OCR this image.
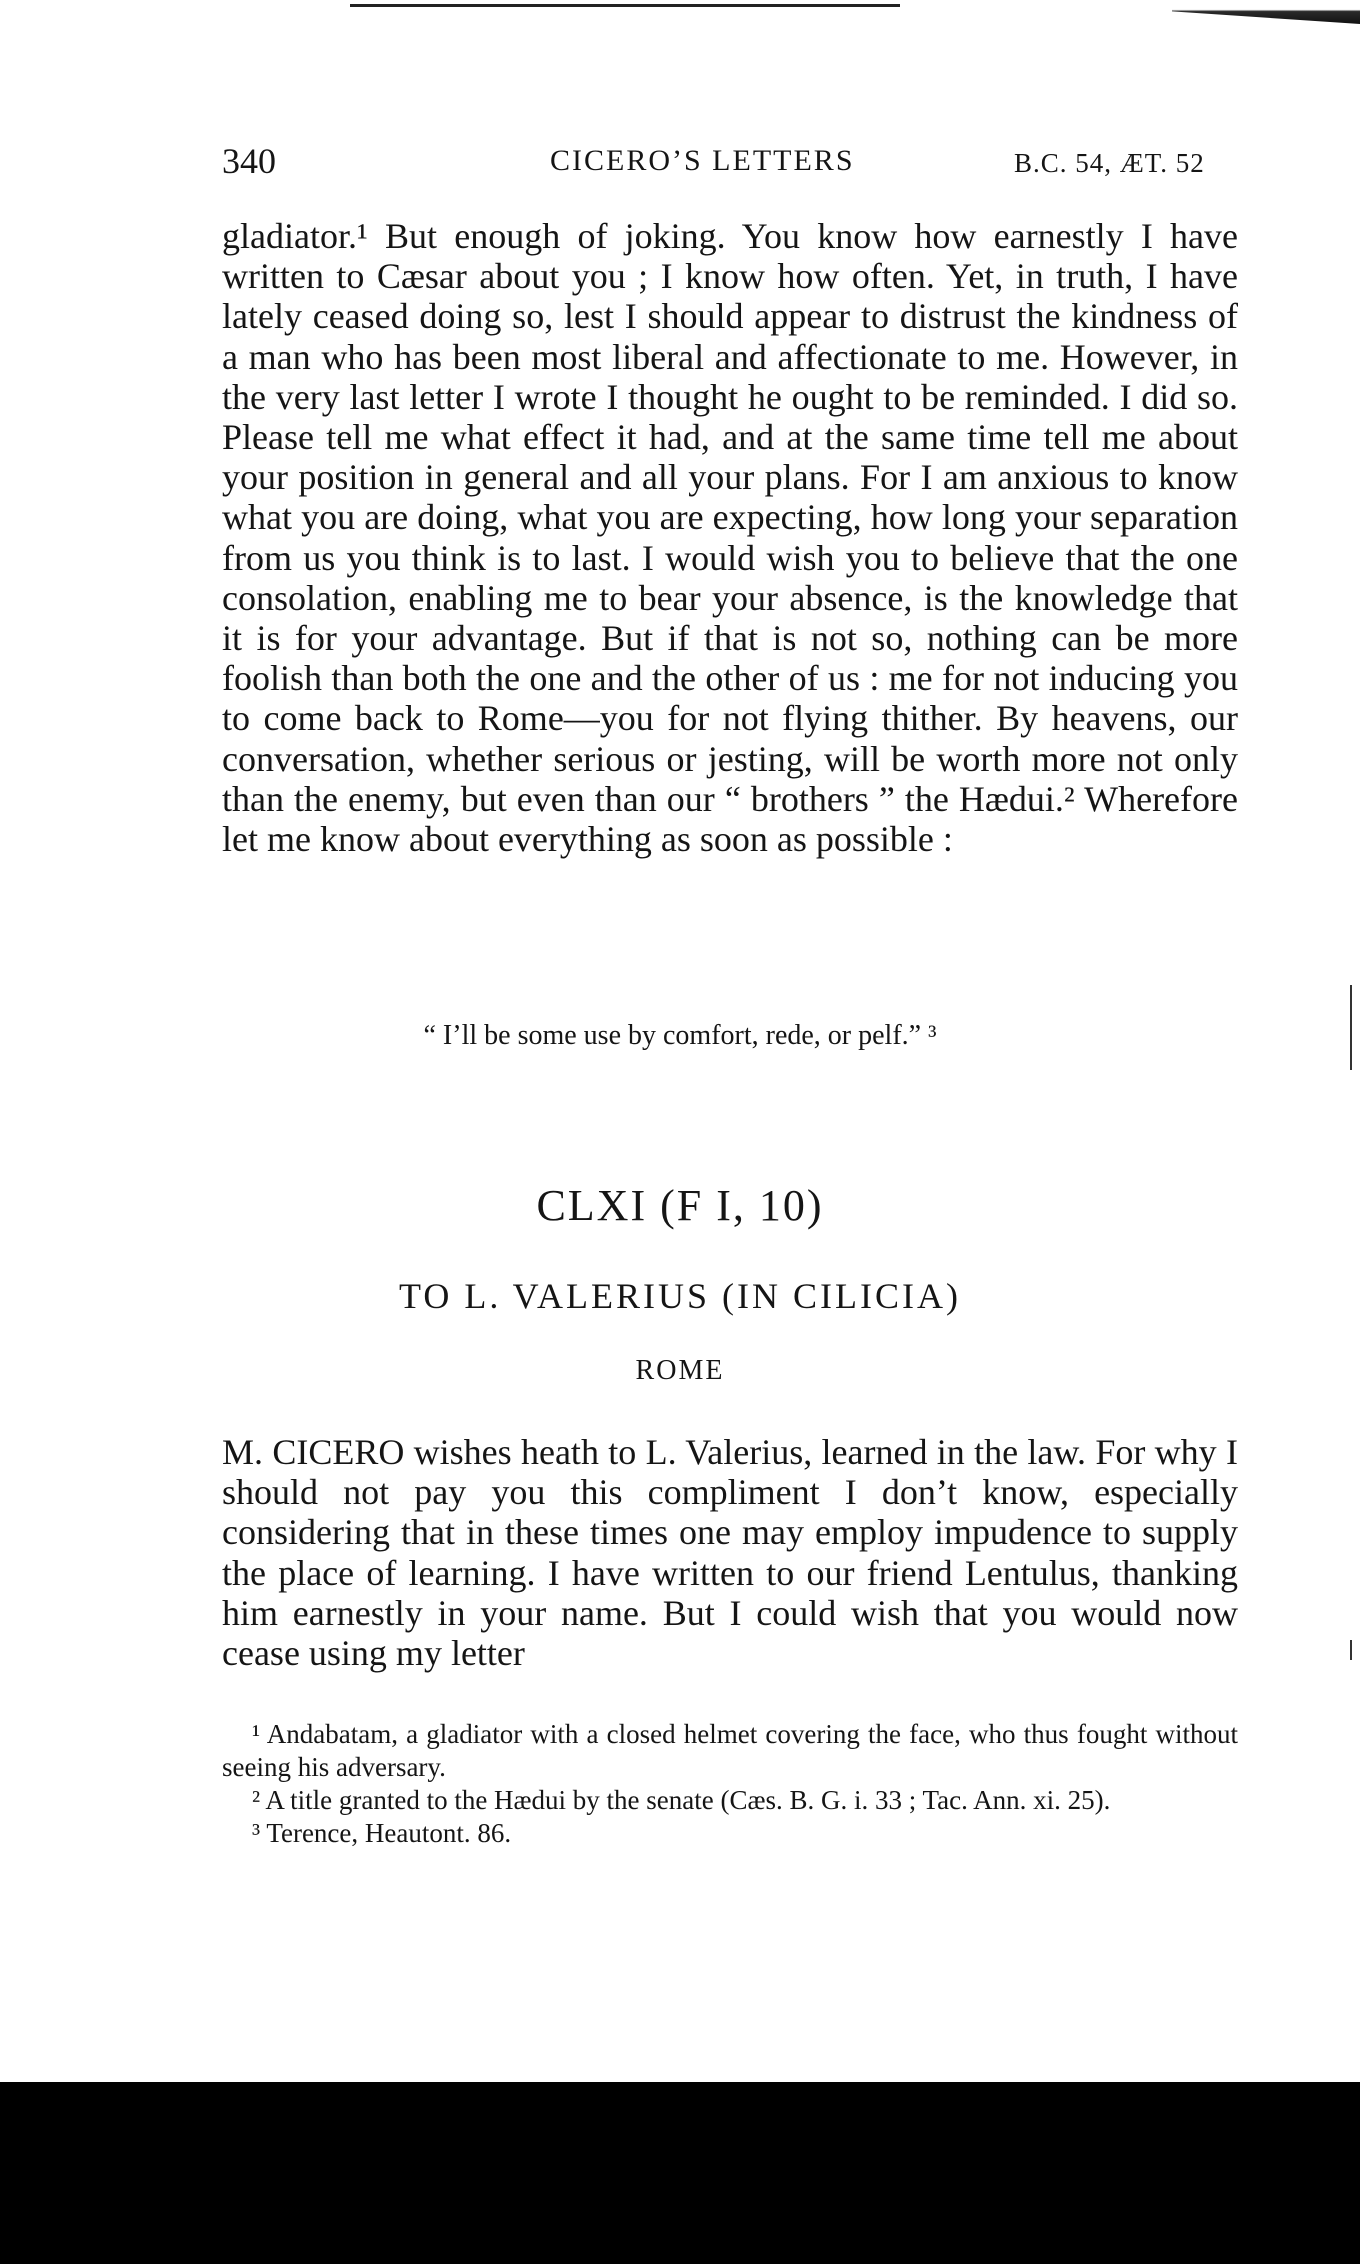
340	CICERO’S LETTERS	B.C. 54, ÆT. 52

gladiator.¹ But enough of joking. You know how earnestly I have written to Cæsar about you ; I know how often. Yet, in truth, I have lately ceased doing so, lest I should appear to distrust the kindness of a man who has been most liberal and affectionate to me. However, in the very last letter I wrote I thought he ought to be reminded. I did so. Please tell me what effect it had, and at the same time tell me about your position in general and all your plans. For I am anxious to know what you are doing, what you are expecting, how long your separation from us you think is to last. I would wish you to believe that the one consolation, enabling me to bear your absence, is the knowledge that it is for your advantage. But if that is not so, nothing can be more foolish than both the one and the other of us : me for not inducing you to come back to Rome—you for not flying thither. By heavens, our conversation, whether serious or jesting, will be worth more not only than the enemy, but even than our “ brothers ” the Hædui.² Wherefore let me know about everything as soon as possible :

“ I’ll be some use by comfort, rede, or pelf.” ³
CLXI (F I, 10)
TO L. VALERIUS (IN CILICIA)
ROME

M. CICERO wishes heath to L. Valerius, learned in the law. For why I should not pay you this compliment I don’t know, especially considering that in these times one may employ impudence to supply the place of learning. I have written to our friend Lentulus, thanking him earnestly in your name. But I could wish that you would now cease using my letter

¹ Andabatam, a gladiator with a closed helmet covering the face, who thus fought without seeing his adversary.

² A title granted to the Hædui by the senate (Cæs. B. G. i. 33 ; Tac. Ann. xi. 25).

³ Terence, Heautont. 86.
